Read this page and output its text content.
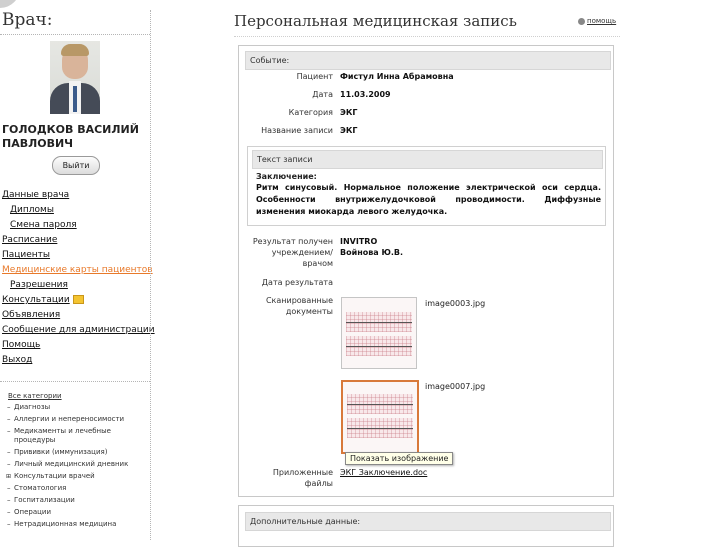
Врач:
ГОЛОДКОВ ВАСИЛИЙ
ПАВЛОВИЧ
Выйти
Данные врача
Дипломы
Смена пароля
Расписание
Пациенты
Медицинские карты пациентов
Разрешения
Консультации
Объявления
Сообщение для администрации
Помощь
Выход
Все категории
– Диагнозы
– Аллергии и непереносимости
– Медикаменты и лечебные процедуры
– Прививки (иммунизация)
– Личный медицинский дневник
⊞ Консультации врачей
– Стоматология
– Госпитализации
– Операции
– Нетрадиционная медицина
Персональная медицинская запись	помощь
Событие:
Пациент Фистул Инна Абрамовна
Дата 11.03.2009
Категория ЭКГ
Название записи ЭКГ
Текст записи
Заключение:
Ритм синусовый. Нормальное положение электрической оси сердца. Особенности внутрижелудочковой проводимости. Диффузные изменения миокарда левого желудочка.
Результат получен
учреждением/
врачом
INVITRO
Войнова Ю.В.
Дата результата
Сканированные
документы
image0003.jpg
image0007.jpg
Показать изображение
Приложенные
файлы
ЭКГ Заключение.doc
Дополнительные данные:
